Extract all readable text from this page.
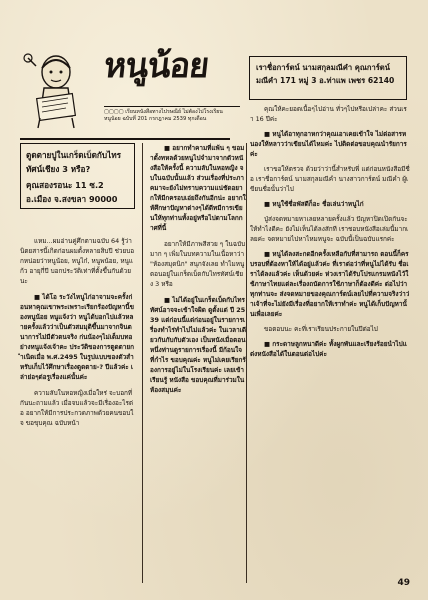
หนูน้อย
▢▢▢▢ เรียนหนังสือทางไปรษณีย์ ไม่ต้องไปโรงเรียน
หนูน้อย ฉบับที่ 201 กรกฎาคม 2539 ทุกเดือน
ตูดตายปูในเกร็ดเบ็ดกับไทรทัศน์เชียง 3 หรือ?
คุณสองรอนะ 11 ซ.2 อ.เมือง จ.สงขลา 90000

แหม...ผมอ่านคู่ศึกตามฉบับ 64 รู้ว่านิตยสารนี้เกิดก่อนผมตั้งหลายสิบปี ช่วยบอกหน่อยว่าหนูน้อย, หนูไก๋, หนูพน้อย, หนูแก้ว อายุกี่ปี บอกประวัติเท่าที่ตั้งขึ้นกันด้วยนะ

■ ได้โอ ระวังไหนูไก่อาจามจะครั้งก่อนหาคุณเขาพระเพราะเรียกร้องปัญหานี้ของหนูน้อย หนูแจ้งว่า หนูได้บอกไปแล้วหลายครั้งแล้วว่าเป็นตัวสมมุติขึ้นมาจากจินตนาการไม่มีตัวตนจริง ก่นน้องๆไม่เต็มบทอย่างหนูแจ้งเจ้าคะ ประวัติของการตูดตายกำเนิดเมื่อ พ.ศ.2495 ในรูปแบบของตัวสำหรับเก็บไว้ศึกษาเรื่องตูดตาย-? ปีแล้วค่ะ เล่าย่อๆต่อรูเรื่องแค่นั้นค่ะ

ความลับในหอหญิงเมื่อใหร่ จะบอกที่กันนะถามแล้ว เมื่อจบแล้วจะมีเรื่องอะไรต่อ อยากให้มีการประกวดภาพด้วยคนขอบใจ ขอขุบคุณ ฉบับหน้า

■ อยากทำคามที่แพ้น ๆ ขอมาตั้งทหลด้วยหนูไปจำมาจากตัวหนังสือให้ครั้งนี้ ความลับในหอหญิง จบในฉบับนั้นแล้ว ส่วนเรื่องที่ประภาคมาจะยังไม่ทราบความแน่ชัดอยากให้มีกครอบเอ่ยถึงกันอีกน่ะ อยากให้ศึกษาปัญหาต่างๆได้ดีทมีการเขียนให้ทุกท่านทั้งอยู่หรือไปตามโลกกาศที่นี้

อยากให้มีภาพสีสวย ๆ ในฉบับมาก ๆ เพิ่มในบทความในเนื้อหาว่า "ห้องสมุดนิก" สนุกจังเลย ทำไมหนูตอนอยู่ในเกร็ดเบ็ดกับไทรทัศน์เชียง 3 หรือ

■ ไม่ได้อยู่ในเกร็ดเบ็ดกับไทรทัศน์อาจจะเข้าใจผิด ดูตั้งแต่ ปี 2539 แต่ก่อนนี้แต่ก่อนอยู่ในรายการเรื่องทำไร่ทำไปไม่แล้วค่ะ ในเวลาเดียวกันกับกับตัวเอง เป็นหนังเมื่อตอนหนึ่งท่านดูรายการเรื่องนี้ มีก้อนใจที่กำไร ขอบคุณค่ะ หนูไม่เคยเรียกร้องการอยู่ไม่ในโรงเรียนค่ะ เลยเข้าเรียนรู้ หนังสือ ขอบคุณที่มาร่วมในห้องสมุนค่ะ

เราชื่อการ์ตน์ นามสกุลมณีคำ คุณการ์ตน์ มณีคำ 171 หมู่ 3 อ.ท่าแพ เพชร 62140

คุณให้คะยอดเนื้อๆไปอ่าน ทั่วๆไปหรือเปล่าคะ ส่วนเรา 16 ปีค่ะ

■ หนูได้อาทุกอาหกว่าคุณเอาเคยเข้าใจ ไม่ต่อสารหนองให้หลาวว่าเขียนได้ไหมค่ะ ไปติดต่อขอบคุณนำรัยการค่ะ

เราขอให้ตรวจ ด้วยว่าว่านี้สำหรับพี่ แต่ก่อนหนังสือมีชื่อ เราชื่อการ์ตน์ นามสกุลมณีคำ นางสาวการ์ตน์ มณีคำ ผู้เขียนชื่อนั้นว่าไป

■ หนูใช้ชื่อพัสดีก็อะ ชื่อเล่นว่าหนูไก่

ปู่ส่งจดหมายหาเลยหลายครั้งแล้ว ปัญหาปิดเปิดกันจะให้ทำไงดีคะ ยังไม่เห็นได้ลงสักที เราชอบหนังสือเล่มนี้มากเลยค่ะ จดหมายไปหาไหมหนูจะ ฉบับนี้เป็นฉบับแรกค่ะ

■ หนูได้ลงสะกดอีกครั้งเหลือกับที่สามารถ ตอนนี้ก็ครบรอบที่ต้องหาให้ได้อยู่แล้วค่ะ ที่เราต่อว่าที่หนูไม่ได้รับ ชื่อเราได้ลงแล้วค่ะ เห็นด้วยค่ะ ห่วงเราได้รับโปรแกรมหนังไว้ใช้ภาษาไทยแต่ละเรื่องถนัดการใช้ภาษาก็ต้องดีค่ะ ต่อไปว่าทุกท่านจะ ส่งจดหมายของคุณการ์ตน์เลยไปที่ความจริงว่าว่าเจ้าที่จะไม่ยังมีเรื่องที่อยากให้เราทำค่ะ หนูได้เก็บปัญหานั้นเพื่อเลยค่ะ

ขอตอบนะ คะที่เราเรียนประกายในปีต่อไป

■ กระดาษลูกหนาดีค่ะ ทั้งผูกพันและเรียงร้อยนำไปแต่งหนังสือได้ในตอนต่อไปค่ะ

49
